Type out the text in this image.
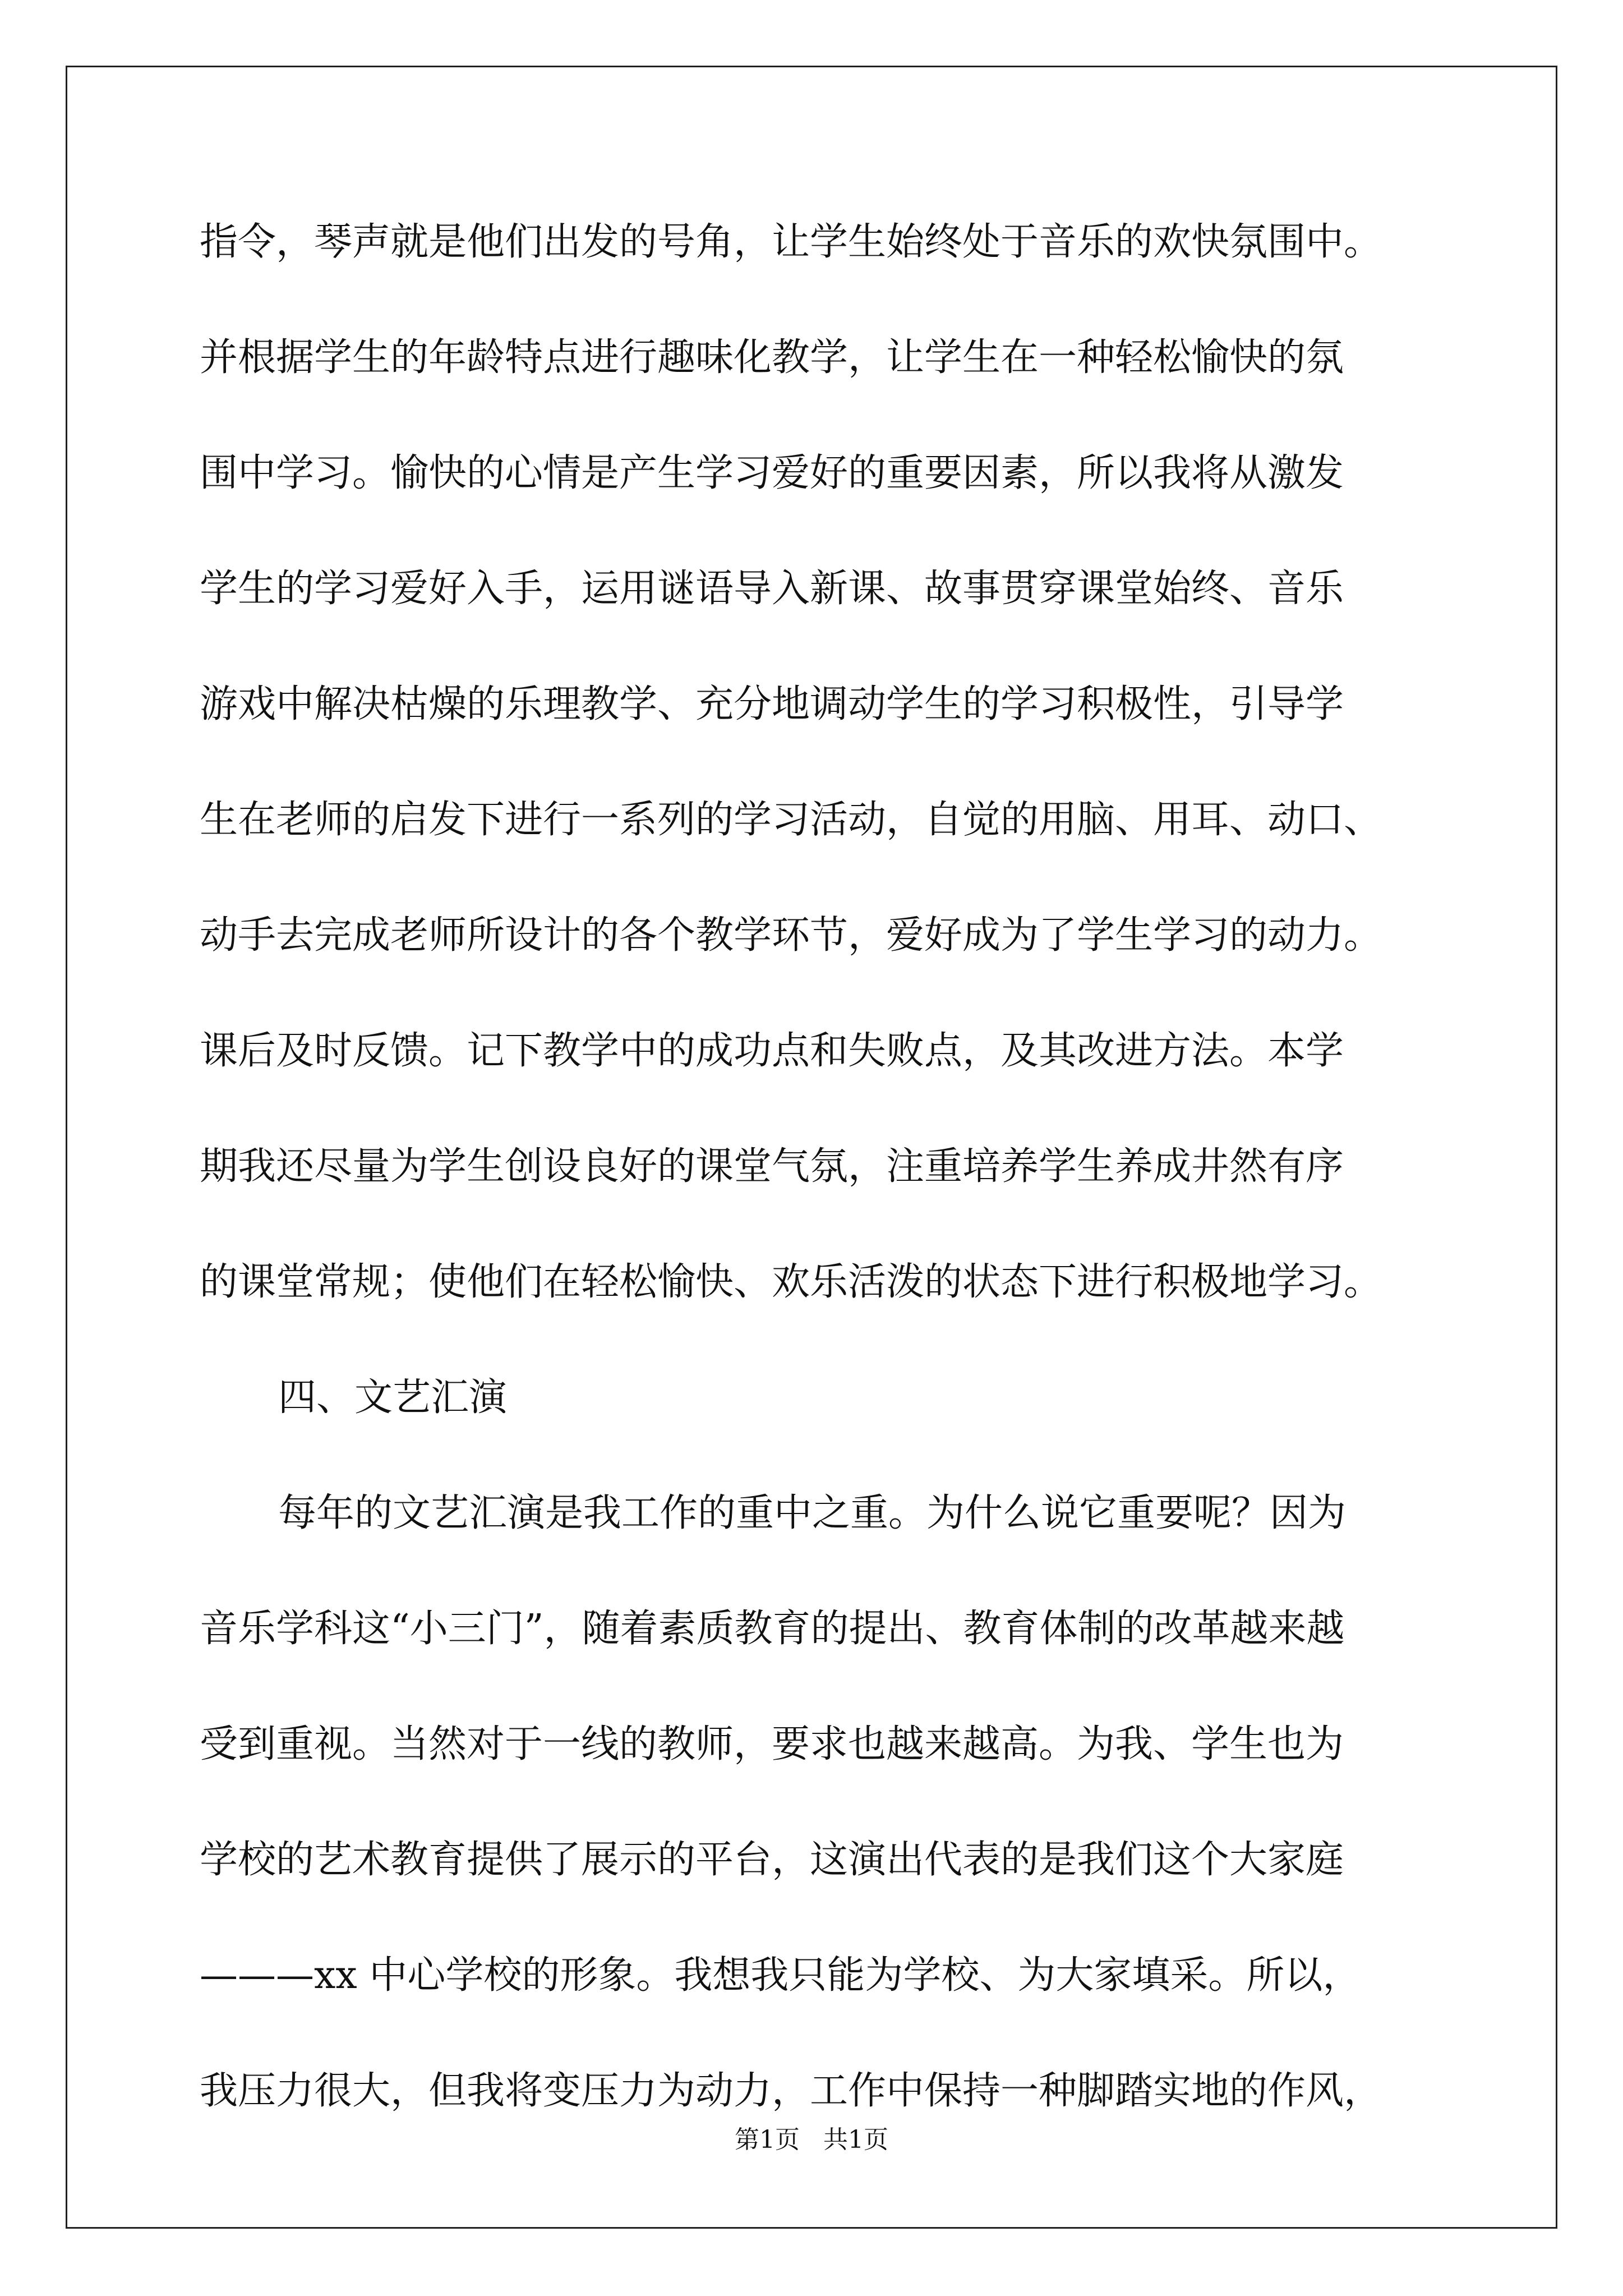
指令，琴声就是他们出发的号角，让学生始终处于音乐的欢快氛围中。
并根据学生的年龄特点进行趣味化教学，让学生在一种轻松愉快的氛
围中学习。愉快的心情是产生学习爱好的重要因素，所以我将从激发
学生的学习爱好入手，运用谜语导入新课、故事贯穿课堂始终、音乐
游戏中解决枯燥的乐理教学、充分地调动学生的学习积极性，引导学
生在老师的启发下进行一系列的学习活动，自觉的用脑、用耳、动口、
动手去完成老师所设计的各个教学环节，爱好成为了学生学习的动力。
课后及时反馈。记下教学中的成功点和失败点，及其改进方法。本学
期我还尽量为学生创设良好的课堂气氛，注重培养学生养成井然有序
的课堂常规；使他们在轻松愉快、欢乐活泼的状态下进行积极地学习。
四、文艺汇演
每年的文艺汇演是我工作的重中之重。为什么说它重要呢？因为
音乐学科这“小三门”，随着素质教育的提出、教育体制的改革越来越
受到重视。当然对于一线的教师，要求也越来越高。为我、学生也为
学校的艺术教育提供了展示的平台，这演出代表的是我们这个大家庭
———xx 中心学校的形象。我想我只能为学校、为大家填采。所以，
我压力很大，但我将变压力为动力，工作中保持一种脚踏实地的作风，
第1页 共1页
